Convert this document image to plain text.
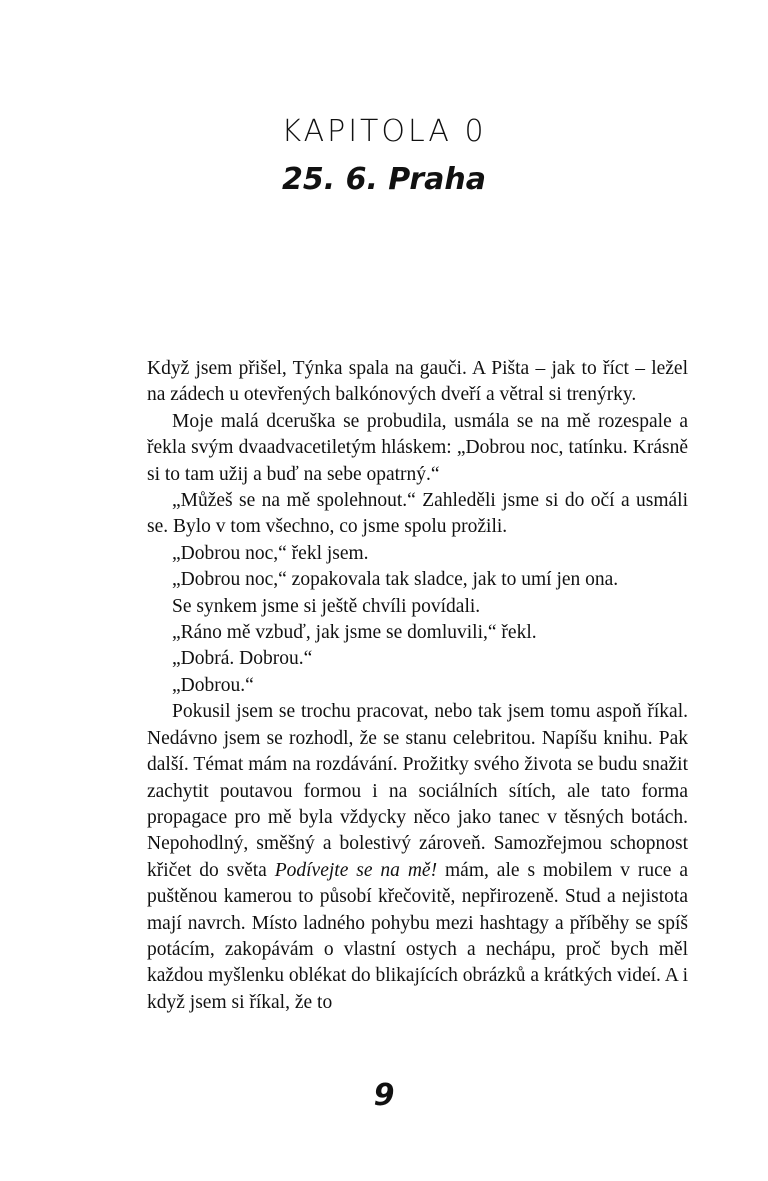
KAPITOLA 0
25. 6. Praha

Když jsem přišel, Týnka spala na gauči. A Pišta – jak to říct – ležel na zádech u otevřených balkónových dveří a větral si trenýrky.

Moje malá dceruška se probudila, usmála se na mě rozespale a řekla svým dvaadvacetiletým hláskem: „Dobrou noc, tatínku. Krásně si to tam užij a buď na sebe opatrný.“

„Můžeš se na mě spolehnout.“ Zahleděli jsme si do očí a usmáli se. Bylo v tom všechno, co jsme spolu prožili.

„Dobrou noc,“ řekl jsem.

„Dobrou noc,“ zopakovala tak sladce, jak to umí jen ona.

Se synkem jsme si ještě chvíli povídali.

„Ráno mě vzbuď, jak jsme se domluvili,“ řekl.

„Dobrá. Dobrou.“

„Dobrou.“

Pokusil jsem se trochu pracovat, nebo tak jsem tomu aspoň říkal. Nedávno jsem se rozhodl, že se stanu celebritou. Napíšu knihu. Pak další. Témat mám na rozdávání. Prožitky svého života se budu snažit zachytit poutavou formou i na sociálních sítích, ale tato forma propagace pro mě byla vždycky něco jako tanec v těsných botách. Nepohodlný, směšný a bolestivý zároveň. Samozřejmou schopnost křičet do světa Podívejte se na mě! mám, ale s mobilem v ruce a puštěnou kamerou to působí křečovitě, nepřirozeně. Stud a nejistota mají navrch. Místo ladného pohybu mezi hashtagy a příběhy se spíš potácím, zakopávám o vlastní ostych a nechápu, proč bych měl každou myšlenku oblékat do blikajících obrázků a krátkých videí. A i když jsem si říkal, že to

9
